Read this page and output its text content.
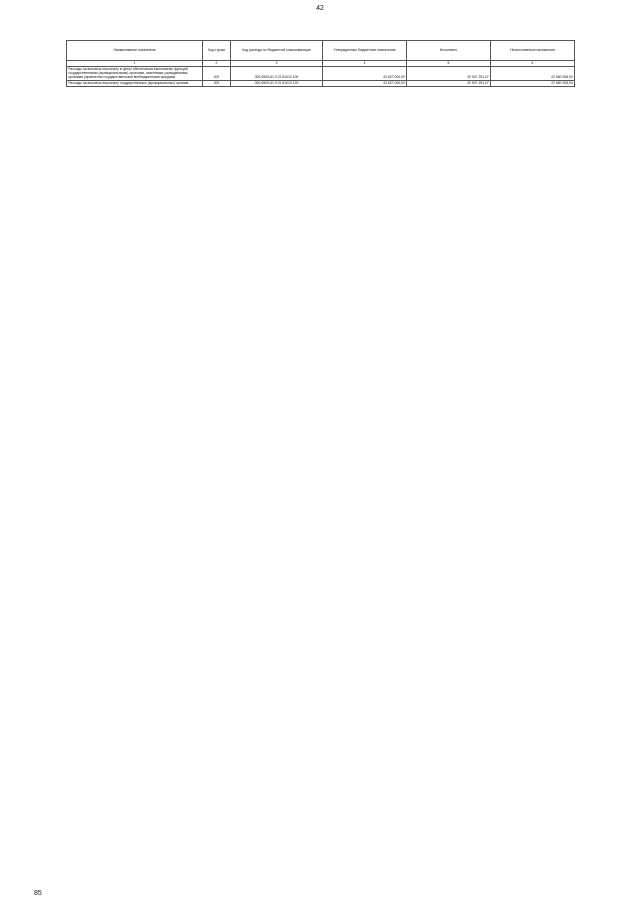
42
Наименование показателя	Код строки	Код расхода по бюджетной классификации	Утвержденные бюджетные назначения	Исполнено	Неисполненные назначения
1	2	3	4	5	6
Расходы на выплаты персоналу в целях обеспечения выполнения функций государственными (муниципальными) органами, казенными учреждениями, органами управления государственными внебюджетными фондами	200	000-0505-61 0 01 81010 100	43 627 000,00	20 947 291,07	22 680 308,93
Расходы на выплаты персоналу государственных (муниципальных) органов	200	000-0505-61 0 01 81010 120	43 627 000,00	20 947 291,07	22 680 308,93
85
